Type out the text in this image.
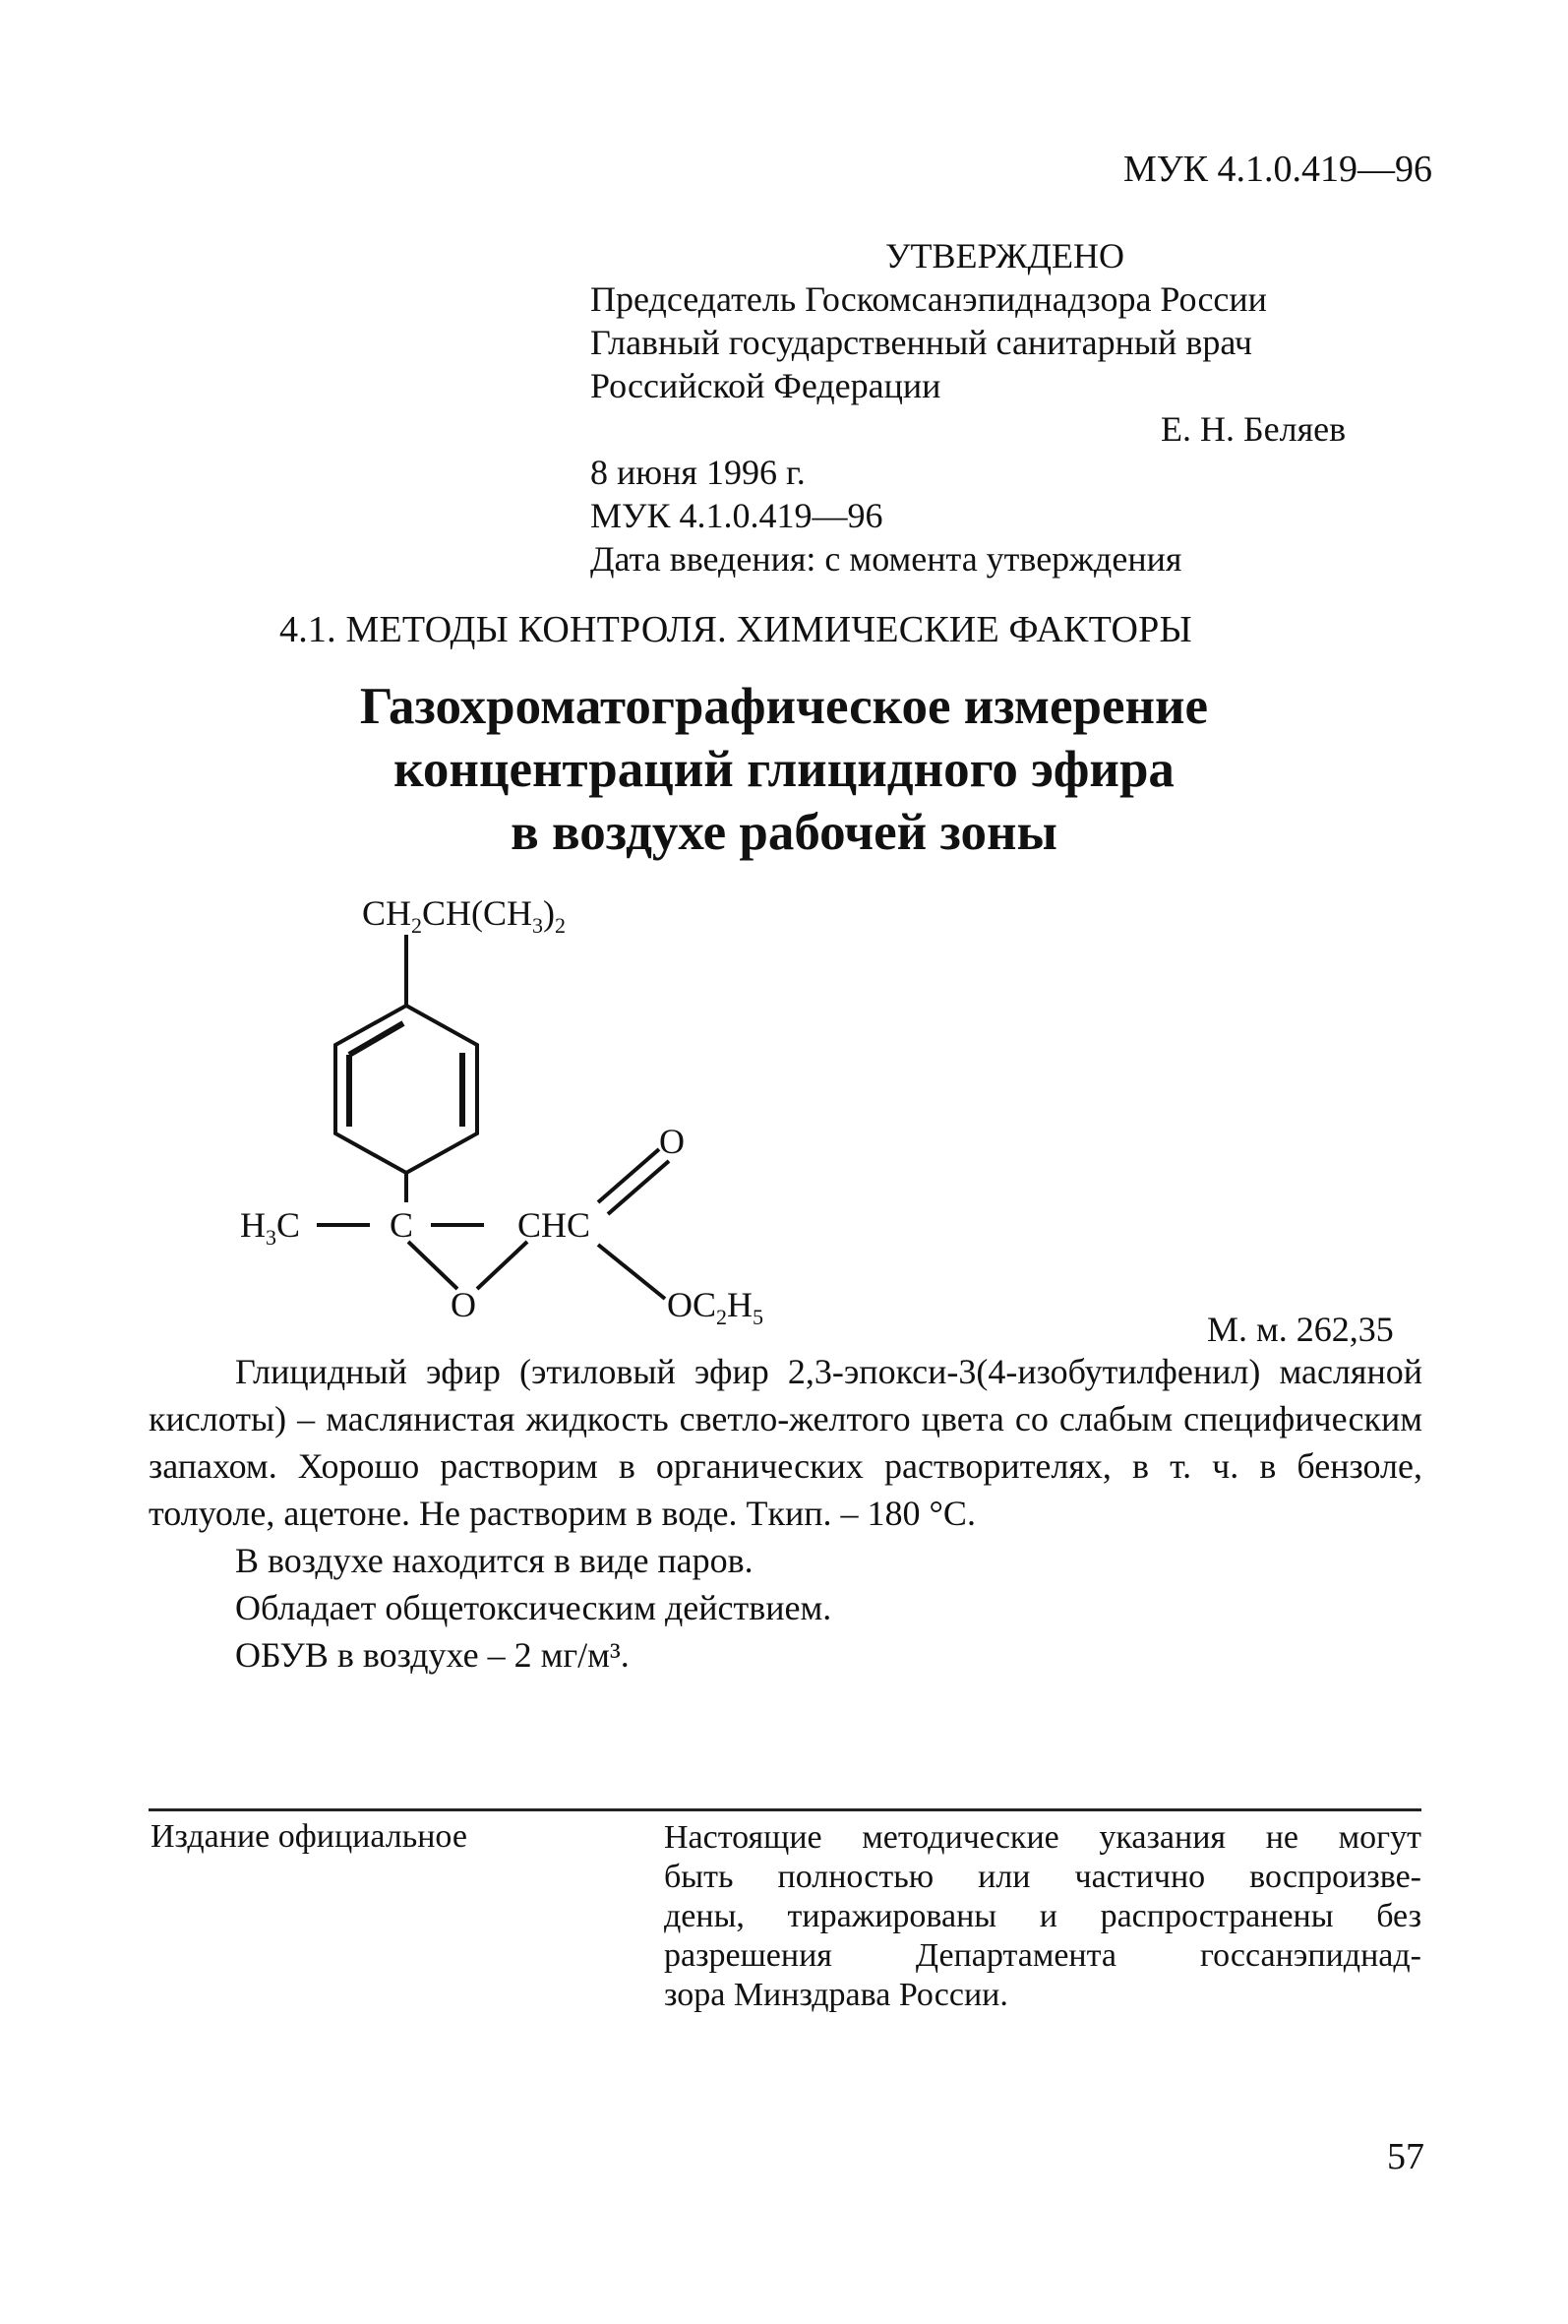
МУК 4.1.0.419—96
УТВЕРЖДЕНО
Председатель Госкомсанэпиднадзора России
Главный государственный санитарный врач
Российской Федерации
Е. Н. Беляев
8 июня 1996 г.
МУК 4.1.0.419—96
Дата введения: с момента утверждения
4.1. МЕТОДЫ КОНТРОЛЯ. ХИМИЧЕСКИЕ ФАКТОРЫ
Газохроматографическое измерение
концентраций глицидного эфира
в воздухе рабочей зоны
$CH_2CH(CH_3)_2$
$H_3C$	C	CHC
O
O	$OC_2H_5$	М. м. 262,35

Глицидный эфир (этиловый эфир 2,3-эпокси-3(4-изобутилфенил) масляной кислоты) – маслянистая жидкость светло-желтого цвета со слабым специфическим запахом. Хорошо растворим в органических растворителях, в т. ч. в бензоле, толуоле, ацетоне. Не растворим в воде. Tкип. – 180 °С.

В воздухе находится в виде паров.
Обладает общетоксическим действием.
ОБУВ в воздухе – 2 мг/м³.
Издание официальное	Настоящие методические указания не могут
быть полностью или частично воспроизве-
дены, тиражированы и распространены без
разрешения Департамента госсанэпиднад-
зора Минздрава России.
57
